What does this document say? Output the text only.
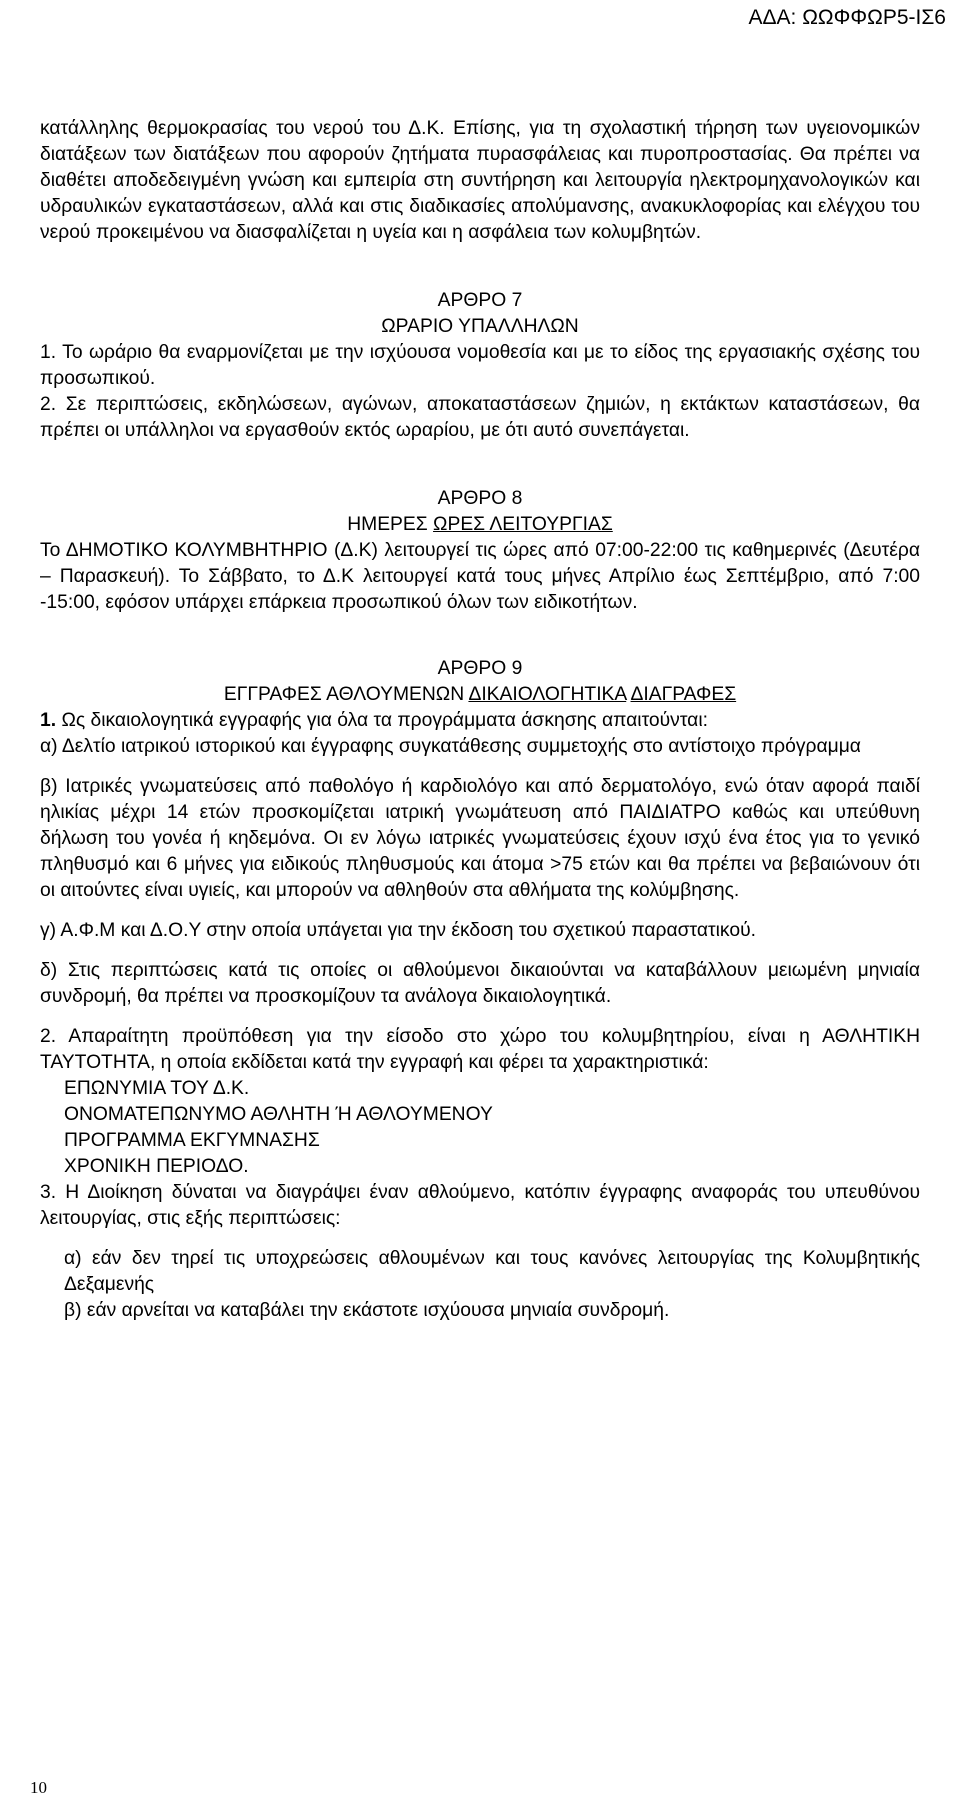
ΑΔΑ: ΩΩΦΦΩΡ5-ΙΣ6

κατάλληλης θερμοκρασίας του νερού του Δ.Κ. Επίσης, για τη σχολαστική τήρηση των υγειονομικών διατάξεων των διατάξεων που αφορούν ζητήματα πυρασφάλειας και πυροπροστασίας. Θα πρέπει να διαθέτει αποδεδειγμένη γνώση και εμπειρία στη συντήρηση και λειτουργία ηλεκτρομηχανολογικών και υδραυλικών εγκαταστάσεων, αλλά και στις διαδικασίες απολύμανσης, ανακυκλοφορίας και ελέγχου του νερού προκειμένου να διασφαλίζεται η υγεία και η ασφάλεια των κολυμβητών.

ΑΡΘΡΟ 7

ΩΡΑΡΙΟ ΥΠΑΛΛΗΛΩΝ

1. Το ωράριο θα εναρμονίζεται με την ισχύουσα νομοθεσία και με το είδος της εργασιακής σχέσης του προσωπικού.

2. Σε περιπτώσεις, εκδηλώσεων, αγώνων, αποκαταστάσεων ζημιών, η εκτάκτων καταστάσεων, θα πρέπει οι υπάλληλοι να εργασθούν εκτός ωραρίου, με ότι αυτό συνεπάγεται.

ΑΡΘΡΟ 8

ΗΜΕΡΕΣ ΩΡΕΣ ΛΕΙΤΟΥΡΓΙΑΣ

Το ΔΗΜΟΤΙΚΟ ΚΟΛΥΜΒΗΤΗΡΙΟ (Δ.Κ) λειτουργεί τις ώρες από 07:00-22:00 τις καθημερινές (Δευτέρα – Παρασκευή). Το Σάββατο, το Δ.Κ λειτουργεί κατά τους μήνες Απρίλιο έως Σεπτέμβριο, από 7:00 -15:00, εφόσον υπάρχει επάρκεια προσωπικού όλων των ειδικοτήτων.

ΑΡΘΡΟ 9

ΕΓΓΡΑΦΕΣ ΑΘΛΟΥΜΕΝΩΝ ΔΙΚΑΙΟΛΟΓΗΤΙΚΑ ΔΙΑΓΡΑΦΕΣ

1. Ως δικαιολογητικά εγγραφής για όλα τα προγράμματα άσκησης απαιτούνται:

α) Δελτίο ιατρικού ιστορικού και έγγραφης συγκατάθεσης συμμετοχής στο αντίστοιχο πρόγραμμα

β) Ιατρικές γνωματεύσεις από παθολόγο ή καρδιολόγο και από δερματολόγο, ενώ όταν αφορά παιδί ηλικίας μέχρι 14 ετών προσκομίζεται ιατρική γνωμάτευση από ΠΑΙΔΙΑΤΡΟ καθώς και υπεύθυνη δήλωση του γονέα ή κηδεμόνα. Οι εν λόγω ιατρικές γνωματεύσεις έχουν ισχύ ένα έτος για το γενικό πληθυσμό και 6 μήνες για ειδικούς πληθυσμούς και άτομα >75 ετών και θα πρέπει να βεβαιώνουν ότι οι αιτούντες είναι υγιείς, και μπορούν να αθληθούν στα αθλήματα της κολύμβησης.

γ) Α.Φ.Μ και Δ.Ο.Υ στην οποία υπάγεται για την έκδοση του σχετικού παραστατικού.

δ) Στις περιπτώσεις κατά τις οποίες οι αθλούμενοι δικαιούνται να καταβάλλουν μειωμένη μηνιαία συνδρομή, θα πρέπει να προσκομίζουν τα ανάλογα δικαιολογητικά.

2. Απαραίτητη προϋπόθεση για την είσοδο στο χώρο του κολυμβητηρίου, είναι η ΑΘΛΗΤΙΚΗ ΤΑΥΤΟΤΗΤΑ, η οποία εκδίδεται κατά την εγγραφή και φέρει τα χαρακτηριστικά:

ΕΠΩΝΥΜΙΑ ΤΟΥ Δ.Κ.
ΟΝΟΜΑΤΕΠΩΝΥΜΟ ΑΘΛΗΤΗ Ή ΑΘΛΟΥΜΕΝΟΥ
ΠΡΟΓΡΑΜΜΑ ΕΚΓΥΜΝΑΣΗΣ
ΧΡΟΝΙΚΗ ΠΕΡΙΟΔΟ.

3. Η Διοίκηση δύναται να διαγράψει έναν αθλούμενο, κατόπιν έγγραφης αναφοράς του υπευθύνου λειτουργίας, στις εξής περιπτώσεις:

α) εάν δεν τηρεί τις υποχρεώσεις αθλουμένων και τους κανόνες λειτουργίας της Κολυμβητικής Δεξαμενής

β) εάν αρνείται να καταβάλει την εκάστοτε ισχύουσα μηνιαία συνδρομή.

10
